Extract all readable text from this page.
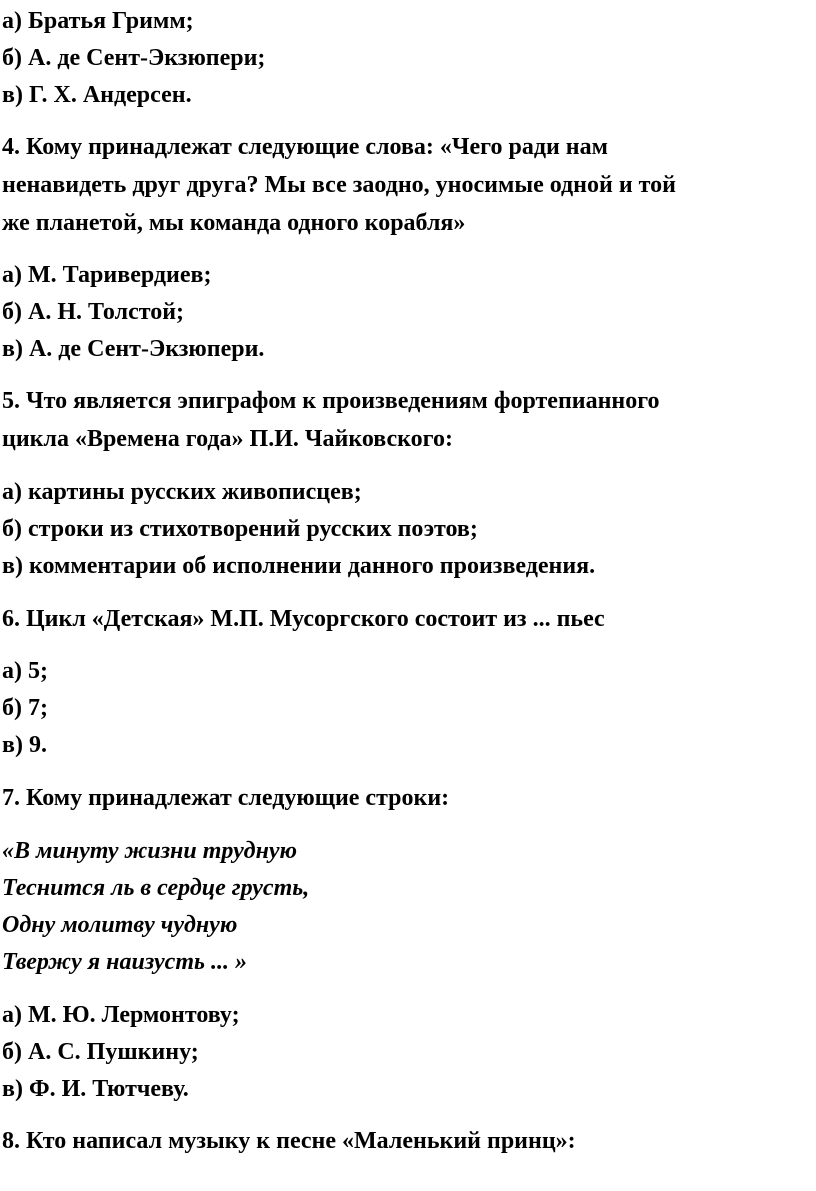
а) Братья Гримм;
б) А. де Сент-Экзюпери;
в) Г. Х. Андерсен.
4. Кому принадлежат следующие слова: «Чего ради нам
ненавидеть друг друга? Мы все заодно, уносимые одной и той
же планетой, мы команда одного корабля»
а) М. Таривердиев;
б) А. Н. Толстой;
в) А. де Сент-Экзюпери.
5. Что является эпиграфом к произведениям фортепианного
цикла «Времена года» П.И. Чайковского:
а) картины русских живописцев;
б) строки из стихотворений русских поэтов;
в) комментарии об исполнении данного произведения.
6. Цикл «Детская» М.П. Мусоргского состоит из ... пьес
а) 5;
б) 7;
в) 9.
7. Кому принадлежат следующие строки:
«В минуту жизни трудную
Теснится ль в сердце грусть,
Одну молитву чудную
Твержу я наизусть ... »
а) М. Ю. Лермонтову;
б) А. С. Пушкину;
в) Ф. И. Тютчеву.
8. Кто написал музыку к песне «Маленький принц»:
